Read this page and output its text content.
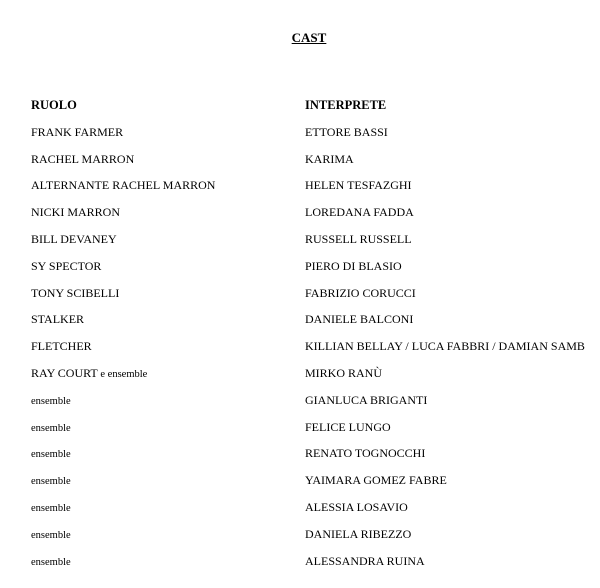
CAST
RUOLO	INTERPRETE
FRANK FARMER	ETTORE BASSI
RACHEL MARRON	KARIMA
ALTERNANTE RACHEL MARRON	HELEN TESFAZGHI
NICKI MARRON	LOREDANA FADDA
BILL DEVANEY	RUSSELL RUSSELL
SY SPECTOR	PIERO DI BLASIO
TONY SCIBELLI	FABRIZIO CORUCCI
STALKER	DANIELE BALCONI
FLETCHER	KILLIAN BELLAY / LUCA FABBRI / DAMIAN SAMB
RAY COURT e ensemble	MIRKO RANÙ
ensemble	GIANLUCA BRIGANTI
ensemble	FELICE LUNGO
ensemble	RENATO TOGNOCCHI
ensemble	YAIMARA GOMEZ FABRE
ensemble	ALESSIA LOSAVIO
ensemble	DANIELA RIBEZZO
ensemble	ALESSANDRA RUINA
